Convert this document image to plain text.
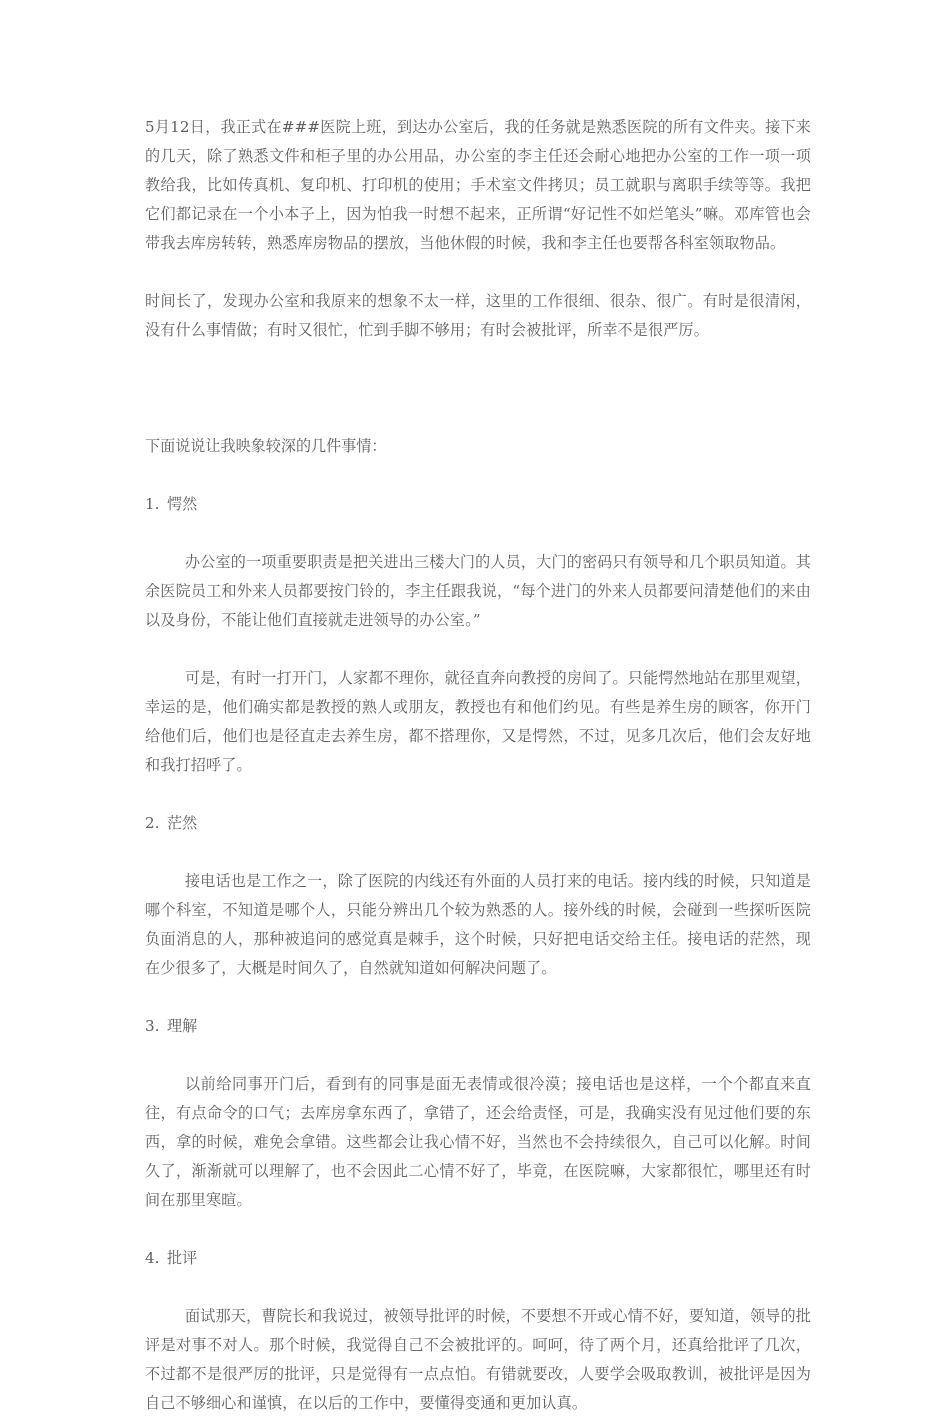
5月12日，我正式在###医院上班，到达办公室后，我的任务就是熟悉医院的所有文件夹。接下来的几天，除了熟悉文件和柜子里的办公用品，办公室的李主任还会耐心地把办公室的工作一项一项教给我，比如传真机、复印机、打印机的使用；手术室文件拷贝；员工就职与离职手续等等。我把它们都记录在一个小本子上，因为怕我一时想不起来，正所谓“好记性不如烂笔头”嘛。邓库管也会带我去库房转转，熟悉库房物品的摆放，当他休假的时候，我和李主任也要帮各科室领取物品。

时间长了，发现办公室和我原来的想象不太一样，这里的工作很细、很杂、很广。有时是很清闲，没有什么事情做；有时又很忙，忙到手脚不够用；有时会被批评，所幸不是很严厉。

下面说说让我映象较深的几件事情：

1. 愕然

办公室的一项重要职责是把关进出三楼大门的人员，大门的密码只有领导和几个职员知道。其余医院员工和外来人员都要按门铃的，李主任跟我说，“每个进门的外来人员都要问清楚他们的来由以及身份，不能让他们直接就走进领导的办公室。”

可是，有时一打开门，人家都不理你，就径直奔向教授的房间了。只能愕然地站在那里观望，幸运的是，他们确实都是教授的熟人或朋友，教授也有和他们约见。有些是养生房的顾客，你开门给他们后，他们也是径直走去养生房，都不搭理你，又是愕然，不过，见多几次后，他们会友好地和我打招呼了。

2. 茫然

接电话也是工作之一，除了医院的内线还有外面的人员打来的电话。接内线的时候，只知道是哪个科室，不知道是哪个人，只能分辨出几个较为熟悉的人。接外线的时候，会碰到一些探听医院负面消息的人，那种被追问的感觉真是棘手，这个时候，只好把电话交给主任。接电话的茫然，现在少很多了，大概是时间久了，自然就知道如何解决问题了。

3. 理解

以前给同事开门后，看到有的同事是面无表情或很冷漠；接电话也是这样，一个个都直来直往，有点命令的口气；去库房拿东西了，拿错了，还会给责怪，可是，我确实没有见过他们要的东西，拿的时候，难免会拿错。这些都会让我心情不好，当然也不会持续很久，自己可以化解。时间久了，渐渐就可以理解了，也不会因此二心情不好了，毕竟，在医院嘛，大家都很忙，哪里还有时间在那里寒暄。

4. 批评

面试那天，曹院长和我说过，被领导批评的时候，不要想不开或心情不好，要知道，领导的批评是对事不对人。那个时候，我觉得自己不会被批评的。呵呵，待了两个月，还真给批评了几次，不过都不是很严厉的批评，只是觉得有一点点怕。有错就要改，人要学会吸取教训，被批评是因为自己不够细心和谨慎，在以后的工作中，要懂得变通和更加认真。
